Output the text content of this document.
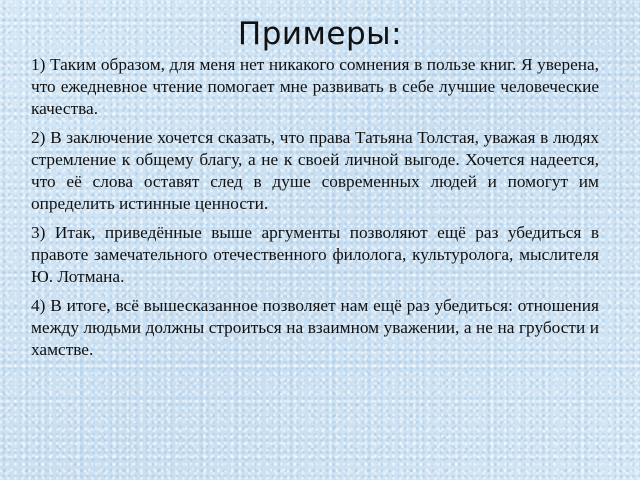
Примеры:

1) Таким образом, для меня нет никакого сомнения в пользе книг. Я уверена, что ежедневное чтение помогает мне развивать в себе лучшие человеческие качества.

2) В заключение хочется сказать, что права Татьяна Толстая, уважая в людях стремление к общему благу, а не к своей личной выгоде. Хочется надеется, что её слова оставят след в душе современных людей и помогут им определить истинные ценности.

3) Итак, приведённые выше аргументы позволяют ещё раз убедиться в правоте замечательного отечественного филолога, культуролога, мыслителя Ю. Лотмана.

4) В итоге, всё вышесказанное позволяет нам ещё раз убедиться: отношения между людьми должны строиться на взаимном уважении, а не на грубости и хамстве.
